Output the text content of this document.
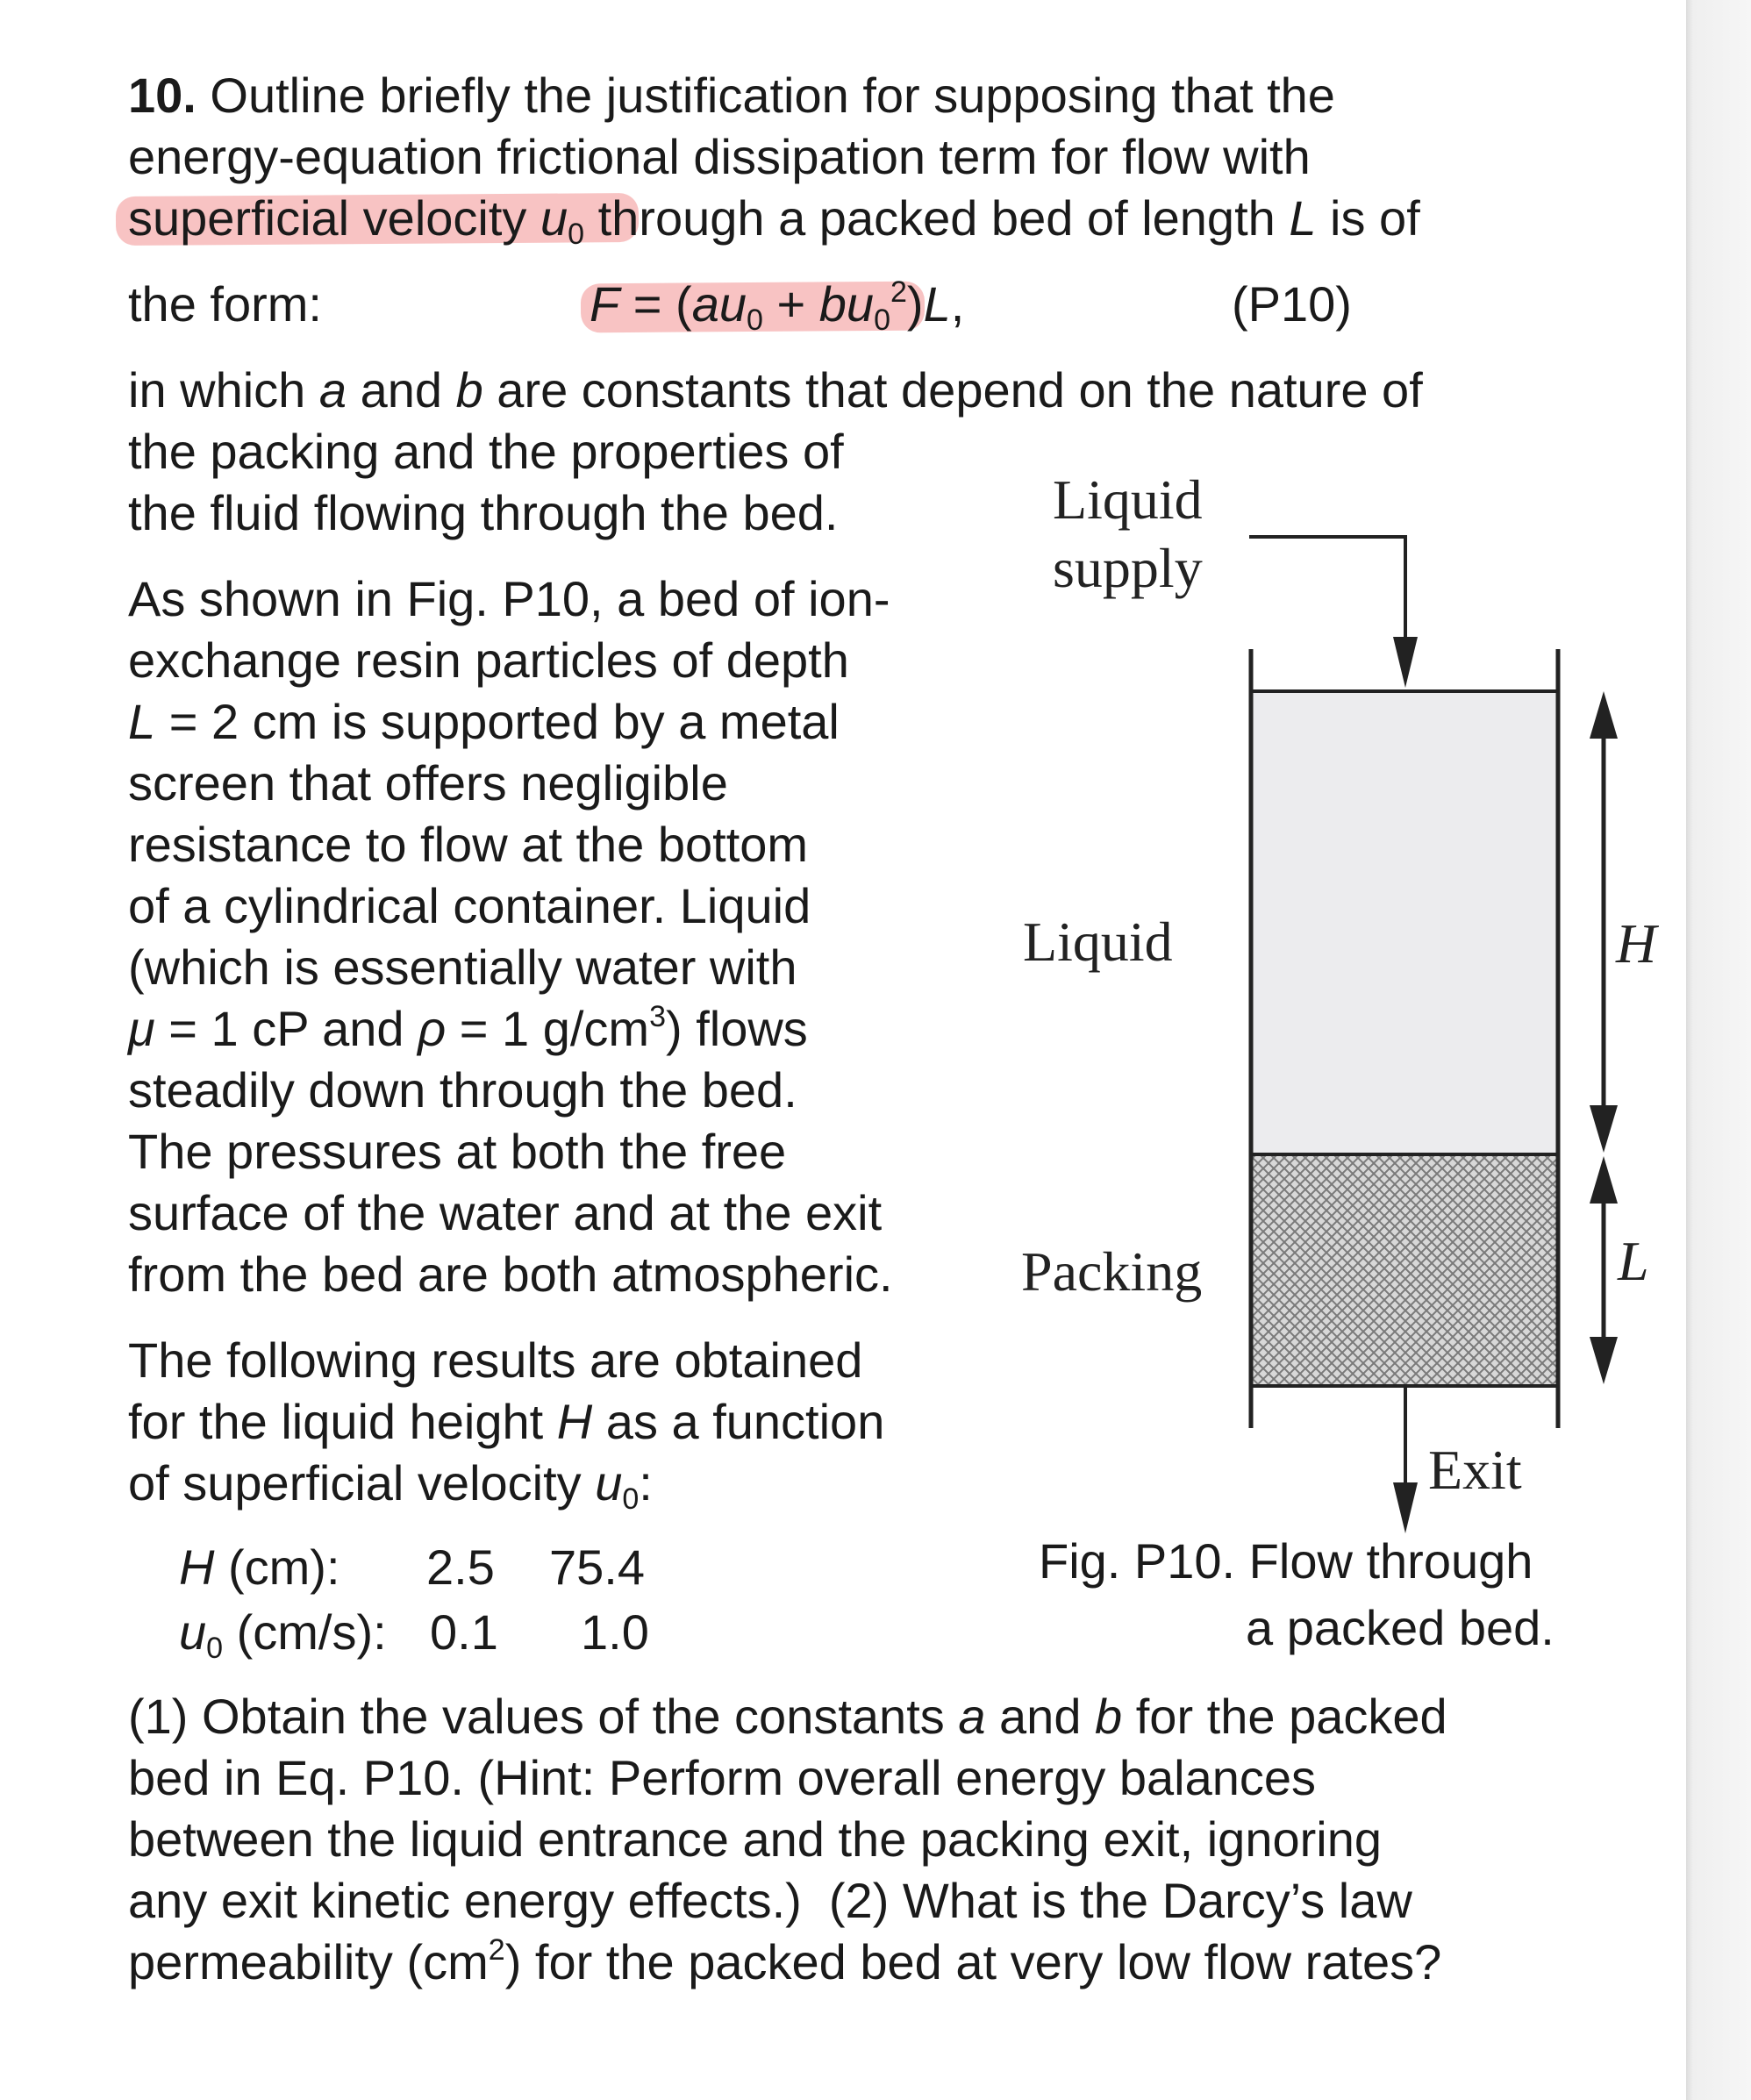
10. Outline briefly the justification for supposing that the

energy-equation frictional dissipation term for flow with

superficial velocity $u_0$ through a packed bed of length L is of

the form:	$F = (au_0 + bu_0^2)L$,	(P10)

in which a and b are constants that depend on the nature of

the packing and the properties of

the fluid flowing through the bed.

As shown in Fig. P10, a bed of ion-

exchange resin particles of depth

L = 2 cm is supported by a metal

screen that offers negligible

resistance to flow at the bottom

of a cylindrical container. Liquid

(which is essentially water with

μ = 1 cP and ρ = 1 $g/cm^3$) flows

steadily down through the bed.

The pressures at both the free

surface of the water and at the exit

from the bed are both atmospheric.

The following results are obtained

for the liquid height H as a function

of superficial velocity $u_0$:

H (cm): 2.5 75.4
$u_0$ (cm/s): 0.1 1.0

(1) Obtain the values of the constants a and b for the packed

bed in Eq. P10. (Hint: Perform overall energy balances

between the liquid entrance and the packing exit, ignoring

any exit kinetic energy effects.)  (2) What is the Darcy’s law

permeability $(cm^2)$ for the packed bed at very low flow rates?

Liquid
supply
Liquid
Packing
Exit
H
L
Fig. P10. Flow through
a packed bed.
